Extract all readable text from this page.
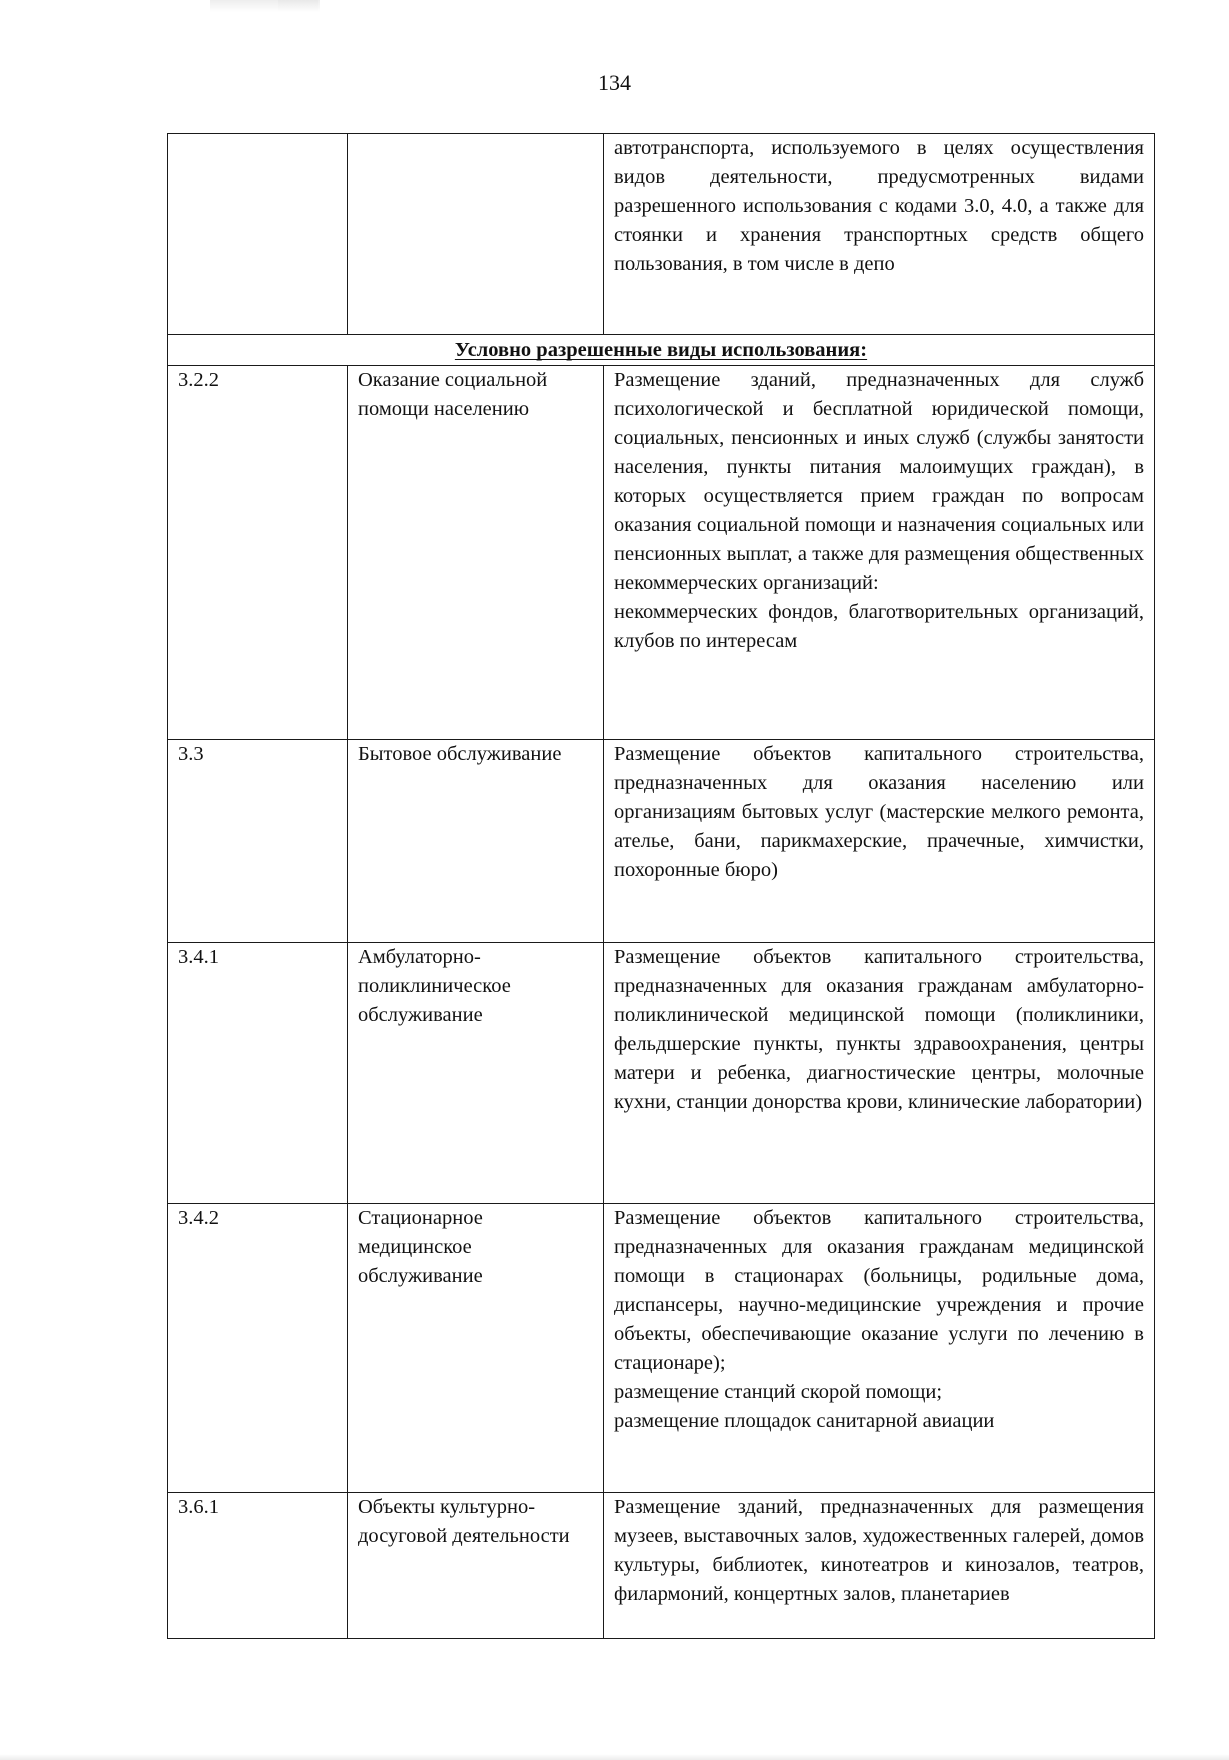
134

		автотранспорта, используемого в целях осуществления видов деятельности, предусмотренных видами разрешенного использования с кодами 3.0, 4.0, а также для стоянки и хранения транспортных средств общего пользования, в том числе в депо

Условно разрешенные виды использования:		
3.2.2	Оказание социальной помощи населению	Размещение зданий, предназначенных для служб психологической и бесплатной юридической помощи, социальных, пенсионных и иных служб (службы занятости населения, пункты питания малоимущих граждан), в которых осуществляется прием граждан по вопросам оказания социальной помощи и назначения социальных или пенсионных выплат, а также для размещения общественных некоммерческих организаций:

некоммерческих фондов, благотворительных организаций, клубов по интересам

3.3	Бытовое обслуживание	Размещение объектов капитального строительства, предназначенных для оказания населению или организациям бытовых услуг (мастерские мелкого ремонта, ателье, бани, парикмахерские, прачечные, химчистки, похоронные бюро)

3.4.1	Амбулаторно-поликлиническое обслуживание	Размещение объектов капитального строительства, предназначенных для оказания гражданам амбулаторно-поликлинической медицинской помощи (поликлиники, фельдшерские пункты, пункты здравоохранения, центры матери и ребенка, диагностические центры, молочные кухни, станции донорства крови, клинические лаборатории)

3.4.2	Стационарное медицинское обслуживание	Размещение объектов капитального строительства, предназначенных для оказания гражданам медицинской помощи в стационарах (больницы, родильные дома, диспансеры, научно-медицинские учреждения и прочие объекты, обеспечивающие оказание услуги по лечению в стационаре);

размещение станций скорой помощи;

размещение площадок санитарной авиации

3.6.1	Объекты культурно-досуговой деятельности	Размещение зданий, предназначенных для размещения музеев, выставочных залов, художественных галерей, домов культуры, библиотек, кинотеатров и кинозалов, театров, филармоний, концертных залов, планетариев
